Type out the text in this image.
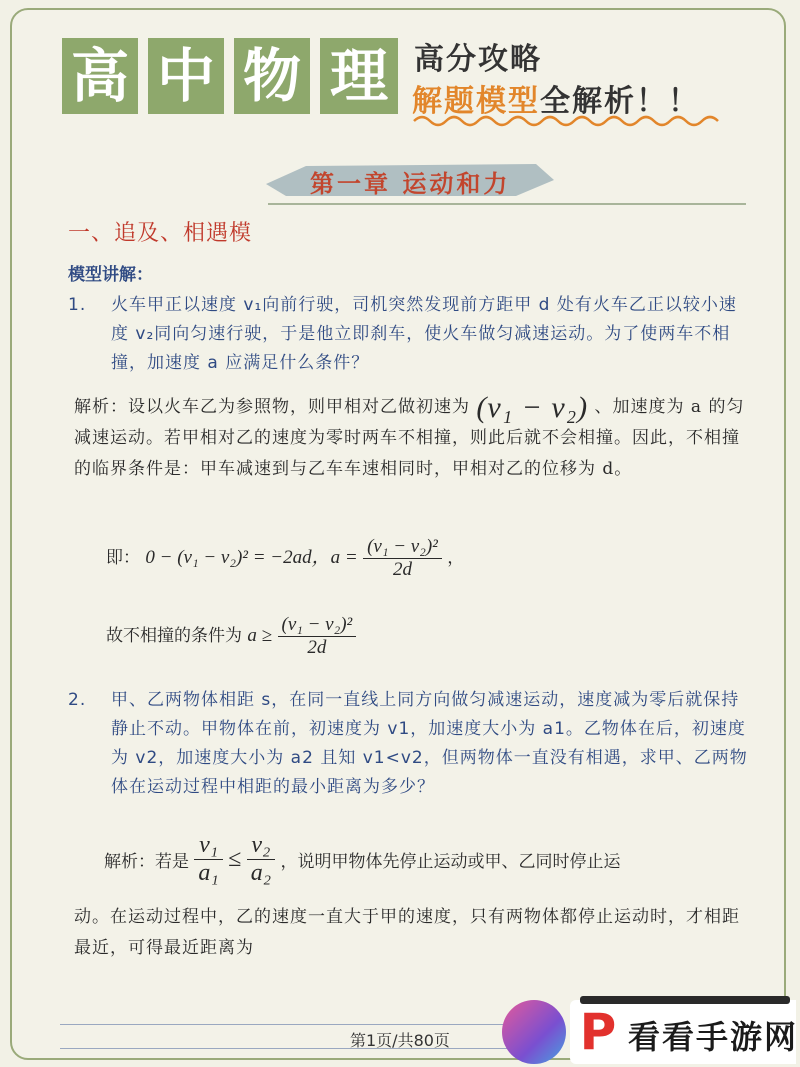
高 中 物 理 高分攻略
解题模型全解析！！
第一章 运动和力
一、追及、相遇模
模型讲解：
1.	火车甲正以速度 v₁向前行驶，司机突然发现前方距甲 d 处有火车乙正以较小速度 v₂同向匀速行驶，于是他立即刹车，使火车做匀减速运动。为了使两车不相撞，加速度 a 应满足什么条件？
解析：设以火车乙为参照物，则甲相对乙做初速为 (v₁ − v₂) 、加速度为 a 的匀减速运动。若甲相对乙的速度为零时两车不相撞，则此后就不会相撞。因此，不相撞的临界条件是：甲车减速到与乙车车速相同时，甲相对乙的位移为 d。
即： 0 − (v₁ − v₂)² = −2ad，$a = \frac{\text{(v₁ − v₂)²}}{2d}$ ，
故不相撞的条件为 $a \ge \frac{\text{(v₁ − v₂)²}}{2d}$
2.	甲、乙两物体相距 s，在同一直线上同方向做匀减速运动，速度减为零后就保持静止不动。甲物体在前，初速度为 v1，加速度大小为 a1。乙物体在后，初速度为 v2，加速度大小为 a2 且知 v1<v2，但两物体一直没有相遇，求甲、乙两物体在运动过程中相距的最小距离为多少？
解析：若是 $\frac{\text{v₁}}{\text{a₁}} \le \frac{\text{v₂}}{\text{a₂}}$ ，说明甲物体先停止运动或甲、乙同时停止运
动。在运动过程中，乙的速度一直大于甲的速度，只有两物体都停止运动时，才相距最近，可得最近距离为
第1页/共80页	P 看看手游网
